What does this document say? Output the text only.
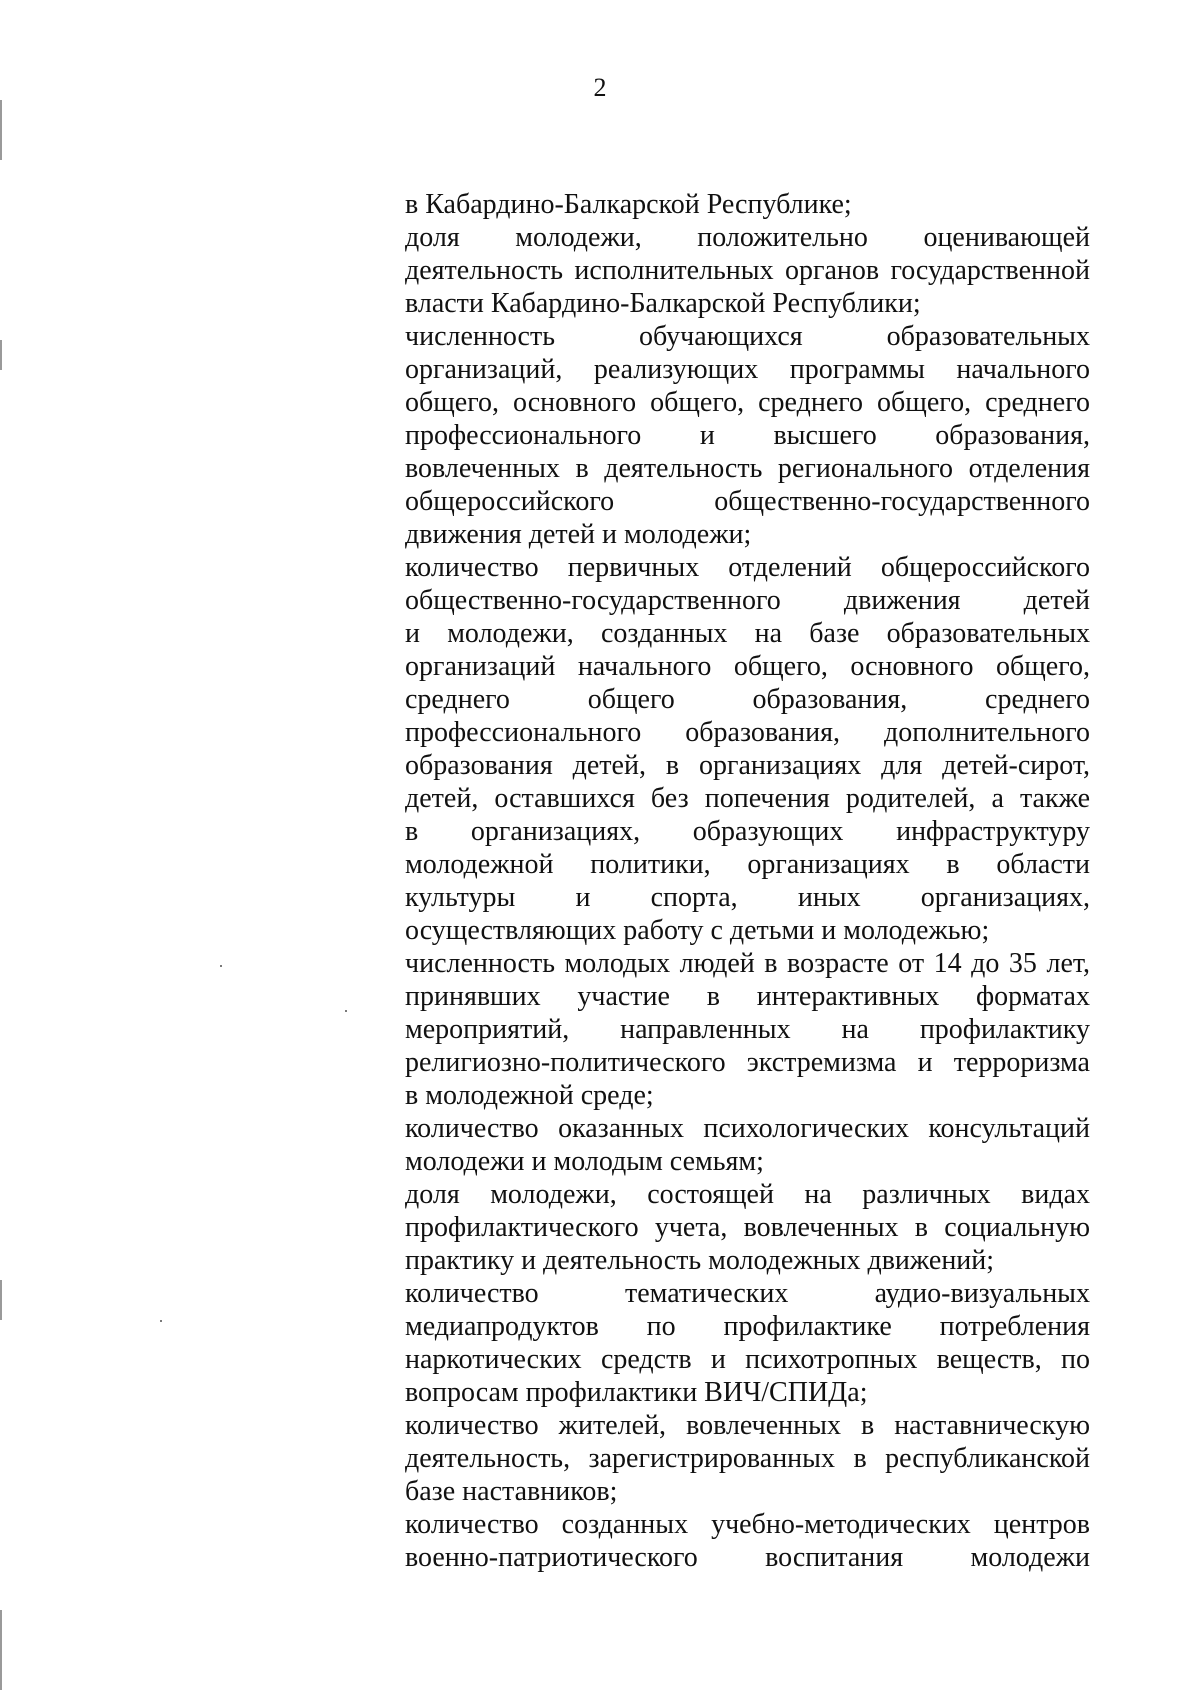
2
в Кабардино-Балкарской Республике;
доля молодежи, положительно оценивающей
деятельность исполнительных органов государственной
власти Кабардино-Балкарской Республики;
численность обучающихся образовательных
организаций, реализующих программы начального
общего, основного общего, среднего общего, среднего
профессионального и высшего образования,
вовлеченных в деятельность регионального отделения
общероссийского общественно-государственного
движения детей и молодежи;
количество первичных отделений общероссийского
общественно-государственного движения детей
и молодежи, созданных на базе образовательных
организаций начального общего, основного общего,
среднего общего образования, среднего
профессионального образования, дополнительного
образования детей, в организациях для детей-сирот,
детей, оставшихся без попечения родителей, а также
в организациях, образующих инфраструктуру
молодежной политики, организациях в области
культуры и спорта, иных организациях,
осуществляющих работу с детьми и молодежью;
численность молодых людей в возрасте от 14 до 35 лет,
принявших участие в интерактивных форматах
мероприятий, направленных на профилактику
религиозно-политического экстремизма и терроризма
в молодежной среде;
количество оказанных психологических консультаций
молодежи и молодым семьям;
доля молодежи, состоящей на различных видах
профилактического учета, вовлеченных в социальную
практику и деятельность молодежных движений;
количество тематических аудио-визуальных
медиапродуктов по профилактике потребления
наркотических средств и психотропных веществ, по
вопросам профилактики ВИЧ/СПИДа;
количество жителей, вовлеченных в наставническую
деятельность, зарегистрированных в республиканской
базе наставников;
количество созданных учебно-методических центров
военно-патриотического воспитания молодежи
